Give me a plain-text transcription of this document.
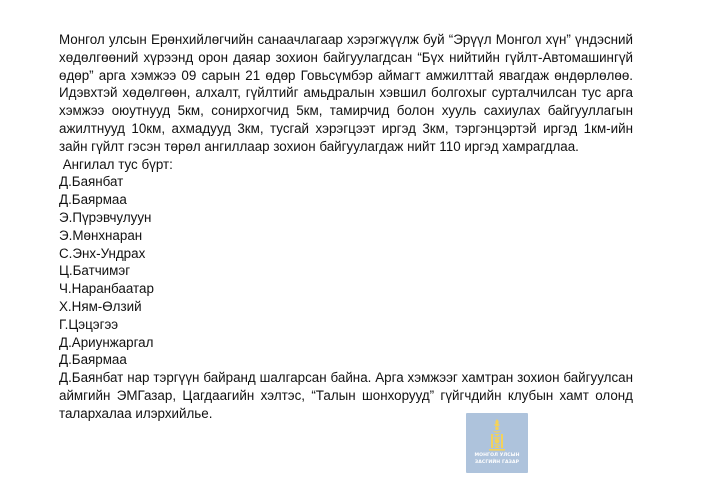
Монгол улсын Ерөнхийлөгчийн санаачлагаар хэрэгжүүлж буй “Эрүүл Монгол хүн” үндэсний хөдөлгөөний хүрээнд орон даяар зохион байгуулагдсан “Бүх нийтийн гүйлт-Автомашингүй өдөр” арга хэмжээ 09 сарын 21 өдөр Говьсүмбэр аймагт амжилттай явагдаж өндөрлөлөө. Идэвхтэй хөдөлгөөн, алхалт, гүйлтийг амьдралын хэвшил болгохыг сурталчилсан тус арга хэмжээ оюутнууд 5км, сонирхогчид 5км, тамирчид болон хууль сахиулах байгууллагын ажилтнууд 10км, ахмадууд 3км, тусгай хэрэгцээт иргэд 3км, тэргэнцэртэй иргэд 1км-ийн зайн гүйлт гэсэн төрөл ангиллаар зохион байгуулагдаж нийт 110 иргэд хамрагдлаа.

Ангилал тус бүрт:

Д.Баянбат
Д.Баярмаа
Э.Пүрэвчулуун
Э.Мөнхнаран
С.Энх-Ундрах
Ц.Батчимэг
Ч.Наранбаатар
Х.Ням-Өлзий
Г.Цэцэгээ
Д.Ариунжаргал
Д.Баярмаа

Д.Баянбат нар тэргүүн байранд шалгарсан байна. Арга хэмжээг хамтран зохион байгуулсан аймгийн ЭМГазар, Цагдаагийн хэлтэс, “Талын шонхорууд” гүйгчдийн клубын хамт олонд талархалаа илэрхийлье.

МОНГОЛ УЛСЫН
ЗАСГИЙН ГАЗАР
